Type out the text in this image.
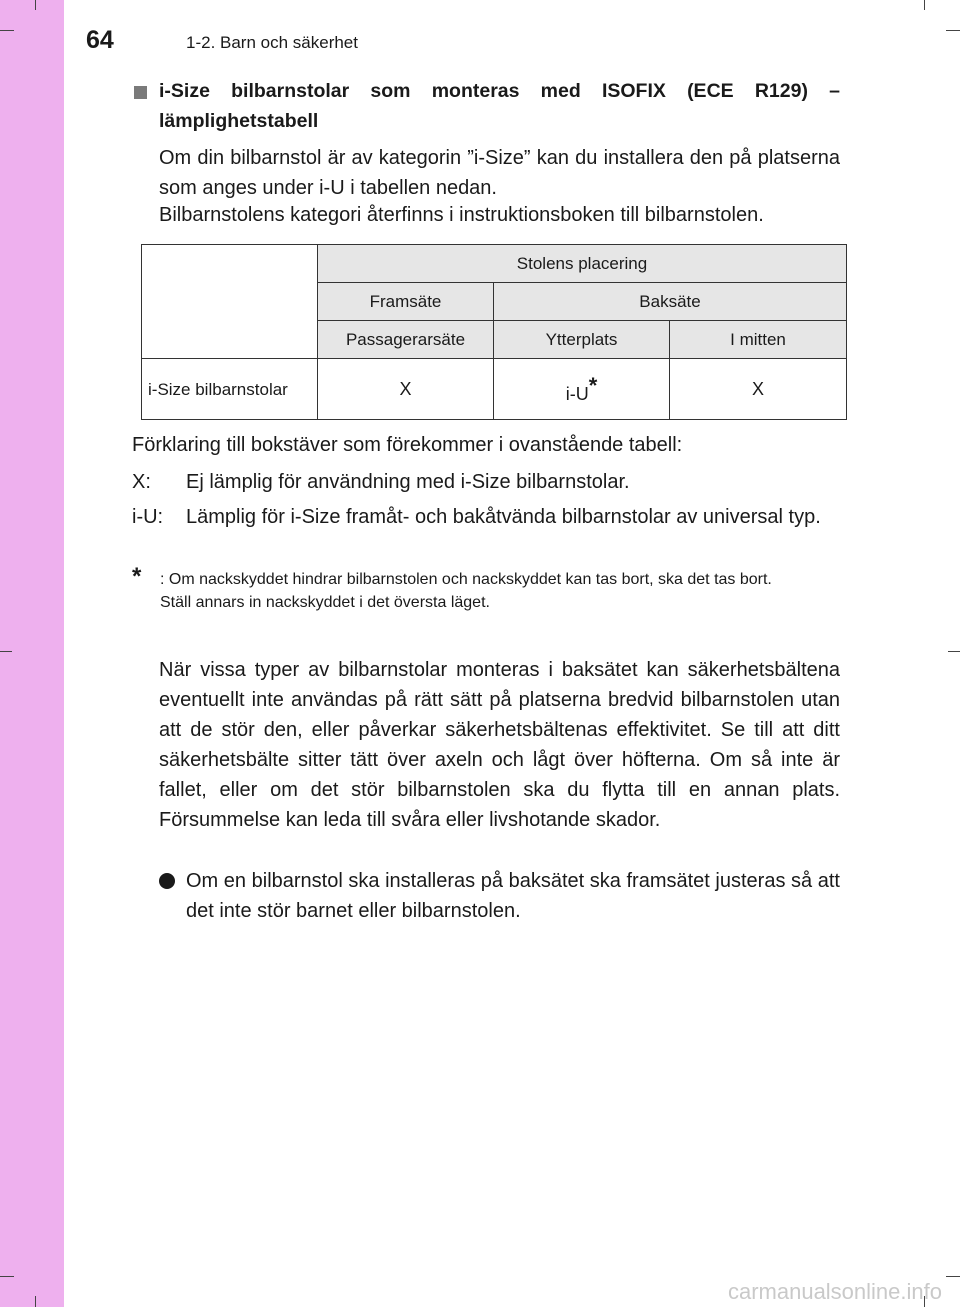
64	1-2. Barn och säkerhet
i-Size bilbarnstolar som monteras med ISOFIX (ECE R129) – lämplighetstabell
Om din bilbarnstol är av kategorin ”i-Size” kan du installera den på platserna som anges under i-U i tabellen nedan.
Bilbarnstolens kategori återfinns i instruktionsboken till bilbarnstolen.
	Stolens placering		
	Framsäte	Baksäte	
	Passagerarsäte	Ytterplats	I mitten
i-Size bilbarnstolar	X	i-U*	X
Förklaring till bokstäver som förekommer i ovanstående tabell:
X: Ej lämplig för användning med i-Size bilbarnstolar.
i-U: Lämplig för i-Size framåt- och bakåtvända bilbarnstolar av universal typ.
* : Om nackskyddet hindrar bilbarnstolen och nackskyddet kan tas bort, ska det tas bort.
Ställ annars in nackskyddet i det översta läget.
När vissa typer av bilbarnstolar monteras i baksätet kan säkerhetsbältena eventuellt inte användas på rätt sätt på platserna bredvid bilbarnstolen utan att de stör den, eller påverkar säkerhetsbältenas effektivitet. Se till att ditt säkerhetsbälte sitter tätt över axeln och lågt över höfterna. Om så inte är fallet, eller om det stör bilbarnstolen ska du flytta till en annan plats. Försummelse kan leda till svåra eller livshotande skador.
Om en bilbarnstol ska installeras på baksätet ska framsätet justeras så att det inte stör barnet eller bilbarnstolen.
carmanualsonline.info
